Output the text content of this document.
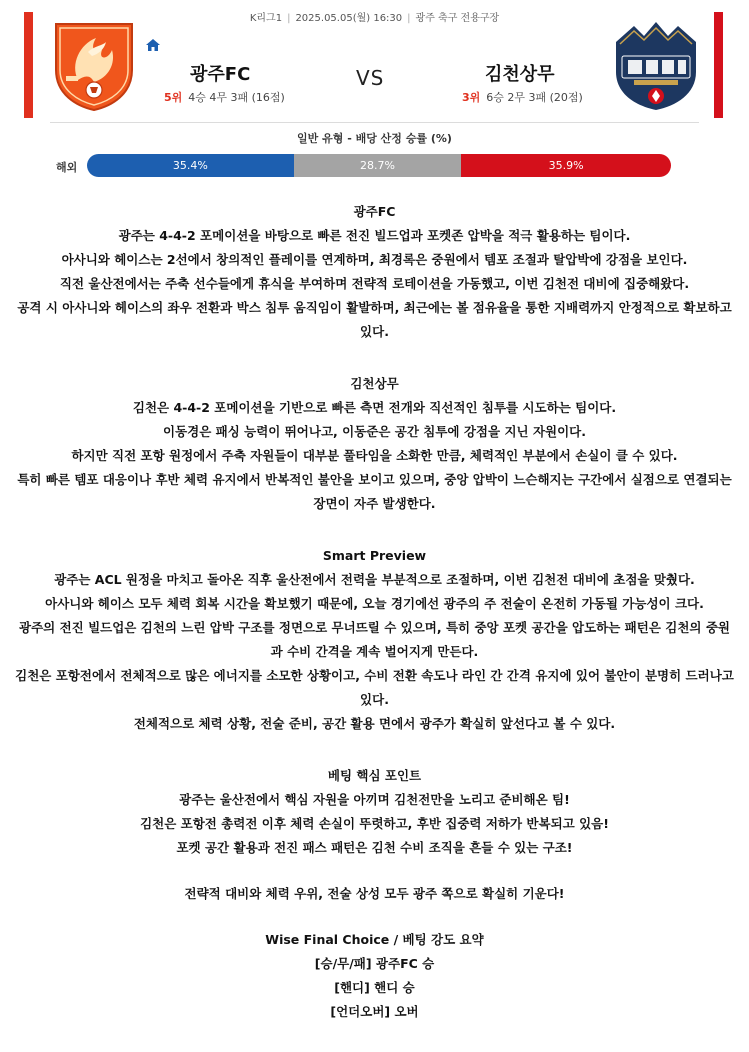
K리그1 | 2025.05.05(월) 16:30 | 광주 축구 전용구장
광주FC	VS	김천상무
5위 4승 4무 3패 (16점)	3위 6승 2무 3패 (20점)
일반 유형 - 배당 산정 승률 (%)
해외	35.4%	28.7%	35.9%
광주FC
광주는 4-4-2 포메이션을 바탕으로 빠른 전진 빌드업과 포켓존 압박을 적극 활용하는 팀이다.
아사니와 헤이스는 2선에서 창의적인 플레이를 연계하며, 최경록은 중원에서 템포 조절과 탈압박에 강점을 보인다.
직전 울산전에서는 주축 선수들에게 휴식을 부여하며 전략적 로테이션을 가동했고, 이번 김천전 대비에 집중해왔다.
공격 시 아사니와 헤이스의 좌우 전환과 박스 침투 움직임이 활발하며, 최근에는 볼 점유율을 통한 지배력까지 안정적으로 확보하고 있다.
김천상무
김천은 4-4-2 포메이션을 기반으로 빠른 측면 전개와 직선적인 침투를 시도하는 팀이다.
이동경은 패싱 능력이 뛰어나고, 이동준은 공간 침투에 강점을 지닌 자원이다.
하지만 직전 포항 원정에서 주축 자원들이 대부분 풀타임을 소화한 만큼, 체력적인 부분에서 손실이 클 수 있다.
특히 빠른 템포 대응이나 후반 체력 유지에서 반복적인 불안을 보이고 있으며, 중앙 압박이 느슨해지는 구간에서 실점으로 연결되는 장면이 자주 발생한다.
Smart Preview
광주는 ACL 원정을 마치고 돌아온 직후 울산전에서 전력을 부분적으로 조절하며, 이번 김천전 대비에 초점을 맞췄다.
아사니와 헤이스 모두 체력 회복 시간을 확보했기 때문에, 오늘 경기에선 광주의 주 전술이 온전히 가동될 가능성이 크다.
광주의 전진 빌드업은 김천의 느린 압박 구조를 정면으로 무너뜨릴 수 있으며, 특히 중앙 포켓 공간을 압도하는 패턴은 김천의 중원과 수비 간격을 계속 벌어지게 만든다.
김천은 포항전에서 전체적으로 많은 에너지를 소모한 상황이고, 수비 전환 속도나 라인 간 간격 유지에 있어 불안이 분명히 드러나고 있다.
전체적으로 체력 상황, 전술 준비, 공간 활용 면에서 광주가 확실히 앞선다고 볼 수 있다.
베팅 핵심 포인트
광주는 울산전에서 핵심 자원을 아끼며 김천전만을 노리고 준비해온 팀!
김천은 포항전 총력전 이후 체력 손실이 뚜렷하고, 후반 집중력 저하가 반복되고 있음!
포켓 공간 활용과 전진 패스 패턴은 김천 수비 조직을 흔들 수 있는 구조!
전략적 대비와 체력 우위, 전술 상성 모두 광주 쪽으로 확실히 기운다!
Wise Final Choice / 베팅 강도 요약
[승/무/패] 광주FC 승
[핸디] 핸디 승
[언더오버] 오버
